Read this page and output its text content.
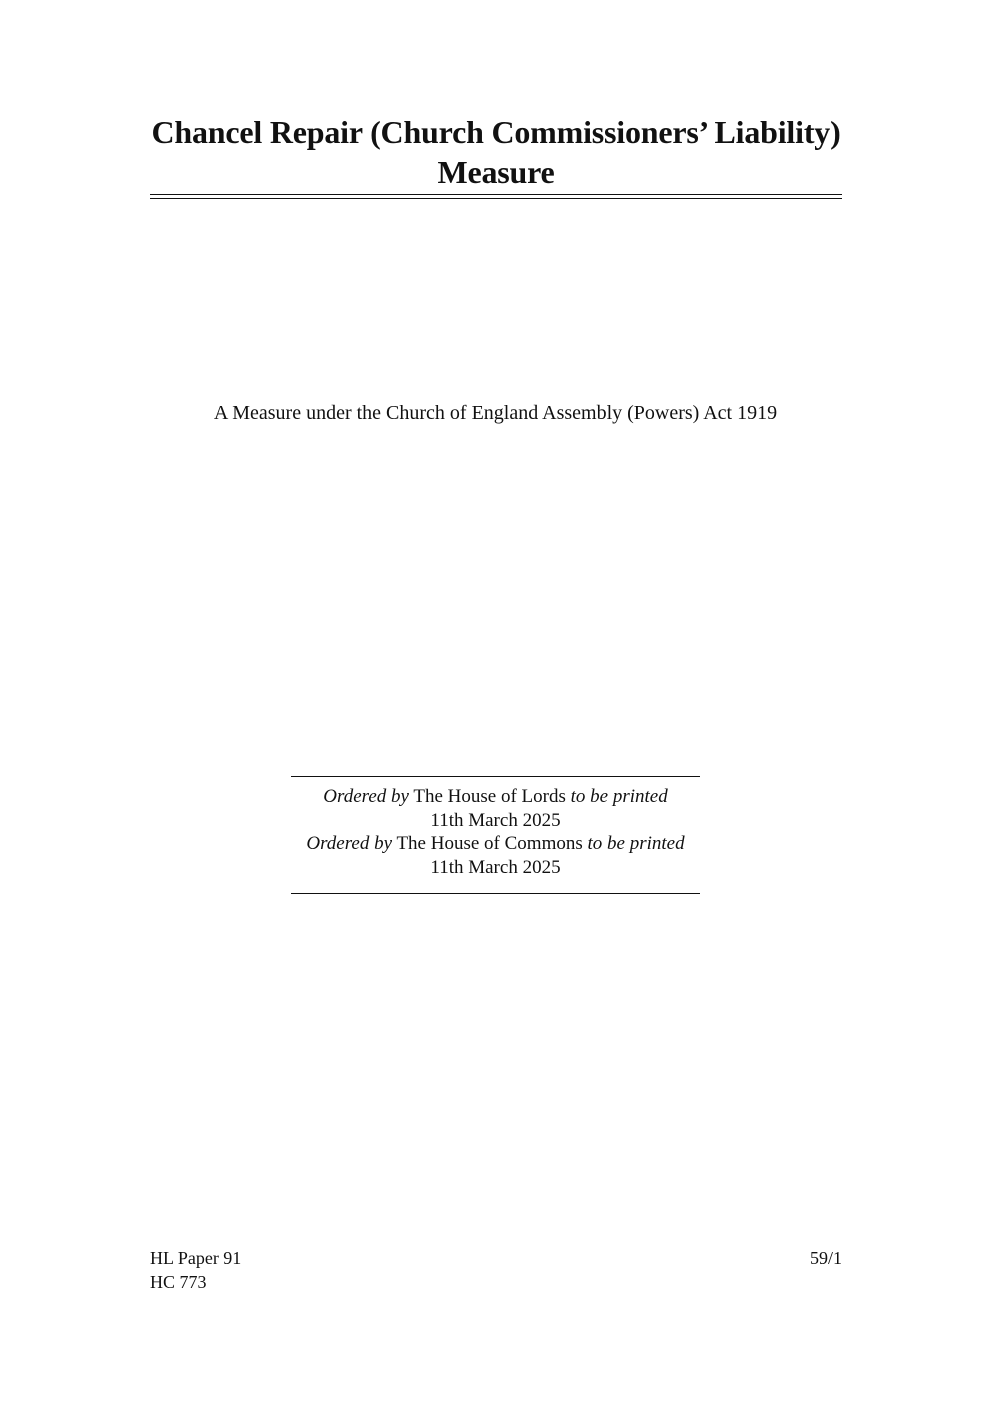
Chancel Repair (Church Commissioners’ Liability)
Measure
A Measure under the Church of England Assembly (Powers) Act 1919
Ordered by The House of Lords to be printed
11th March 2025
Ordered by The House of Commons to be printed
11th March 2025
HL Paper 91
HC 773
59/1
